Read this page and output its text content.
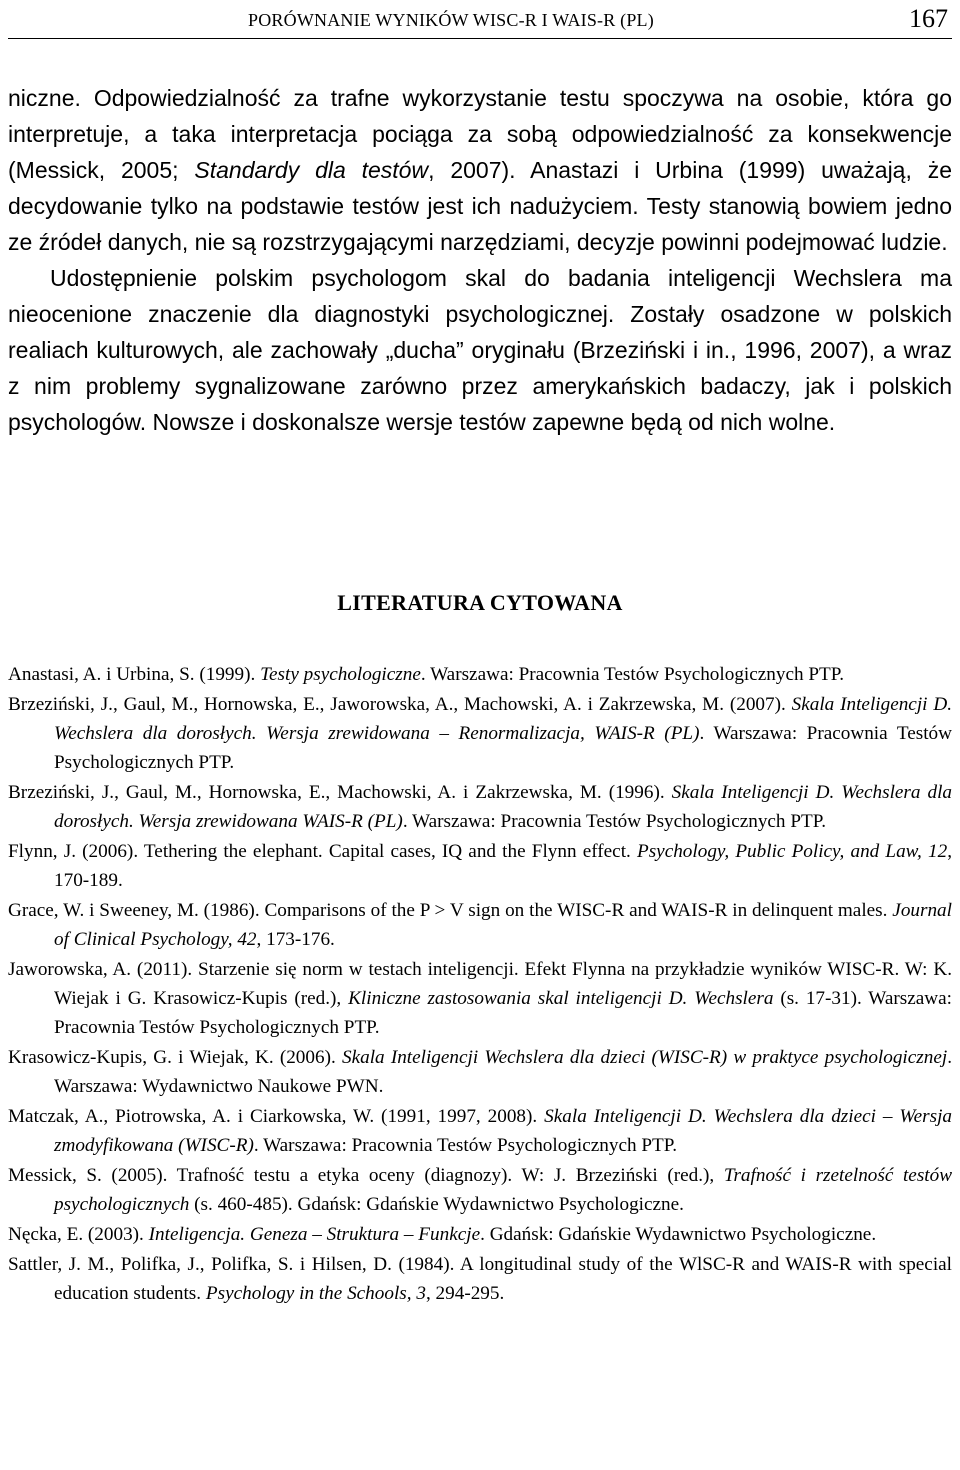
PORÓWNANIE WYNIKÓW WISC-R I WAIS-R (PL)	167

niczne. Odpowiedzialność za trafne wykorzystanie testu spoczywa na osobie, która go interpretuje, a taka interpretacja pociąga za sobą odpowiedzialność za konsekwencje (Messick, 2005; Standardy dla testów, 2007). Anastazi i Urbina (1999) uważają, że decydowanie tylko na podstawie testów jest ich nadużyciem. Testy stanowią bowiem jedno ze źródeł danych, nie są rozstrzygającymi narzędziami, decyzje powinni podejmować ludzie.

Udostępnienie polskim psychologom skal do badania inteligencji Wechslera ma nieocenione znaczenie dla diagnostyki psychologicznej. Zostały osadzone w polskich realiach kulturowych, ale zachowały „ducha” oryginału (Brzeziński i in., 1996, 2007), a wraz z nim problemy sygnalizowane zarówno przez amerykańskich badaczy, jak i polskich psychologów. Nowsze i doskonalsze wersje testów zapewne będą od nich wolne.

LITERATURA CYTOWANA

Anastasi, A. i Urbina, S. (1999). Testy psychologiczne. Warszawa: Pracownia Testów Psychologicznych PTP.

Brzeziński, J., Gaul, M., Hornowska, E., Jaworowska, A., Machowski, A. i Zakrzewska, M. (2007). Skala Inteligencji D. Wechslera dla dorosłych. Wersja zrewidowana – Renormalizacja, WAIS-R (PL). Warszawa: Pracownia Testów Psychologicznych PTP.

Brzeziński, J., Gaul, M., Hornowska, E., Machowski, A. i Zakrzewska, M. (1996). Skala Inteligencji D. Wechslera dla dorosłych. Wersja zrewidowana WAIS-R (PL). Warszawa: Pracownia Testów Psychologicznych PTP.

Flynn, J. (2006). Tethering the elephant. Capital cases, IQ and the Flynn effect. Psychology, Public Policy, and Law, 12, 170-189.

Grace, W. i Sweeney, M. (1986). Comparisons of the P > V sign on the WISC-R and WAIS-R in delinquent males. Journal of Clinical Psychology, 42, 173-176.

Jaworowska, A. (2011). Starzenie się norm w testach inteligencji. Efekt Flynna na przykładzie wyników WISC-R. W: K. Wiejak i G. Krasowicz-Kupis (red.), Kliniczne zastosowania skal inteligencji D. Wechslera (s. 17-31). Warszawa: Pracownia Testów Psychologicznych PTP.

Krasowicz-Kupis, G. i Wiejak, K. (2006). Skala Inteligencji Wechslera dla dzieci (WISC-R) w praktyce psychologicznej. Warszawa: Wydawnictwo Naukowe PWN.

Matczak, A., Piotrowska, A. i Ciarkowska, W. (1991, 1997, 2008). Skala Inteligencji D. Wechslera dla dzieci – Wersja zmodyfikowana (WISC-R). Warszawa: Pracownia Testów Psychologicznych PTP.

Messick, S. (2005). Trafność testu a etyka oceny (diagnozy). W: J. Brzeziński (red.), Trafność i rzetelność testów psychologicznych (s. 460-485). Gdańsk: Gdańskie Wydawnictwo Psychologiczne.

Nęcka, E. (2003). Inteligencja. Geneza – Struktura – Funkcje. Gdańsk: Gdańskie Wydawnictwo Psychologiczne.

Sattler, J. M., Polifka, J., Polifka, S. i Hilsen, D. (1984). A longitudinal study of the WlSC-R and WAIS-R with special education students. Psychology in the Schools, 3, 294-295.
